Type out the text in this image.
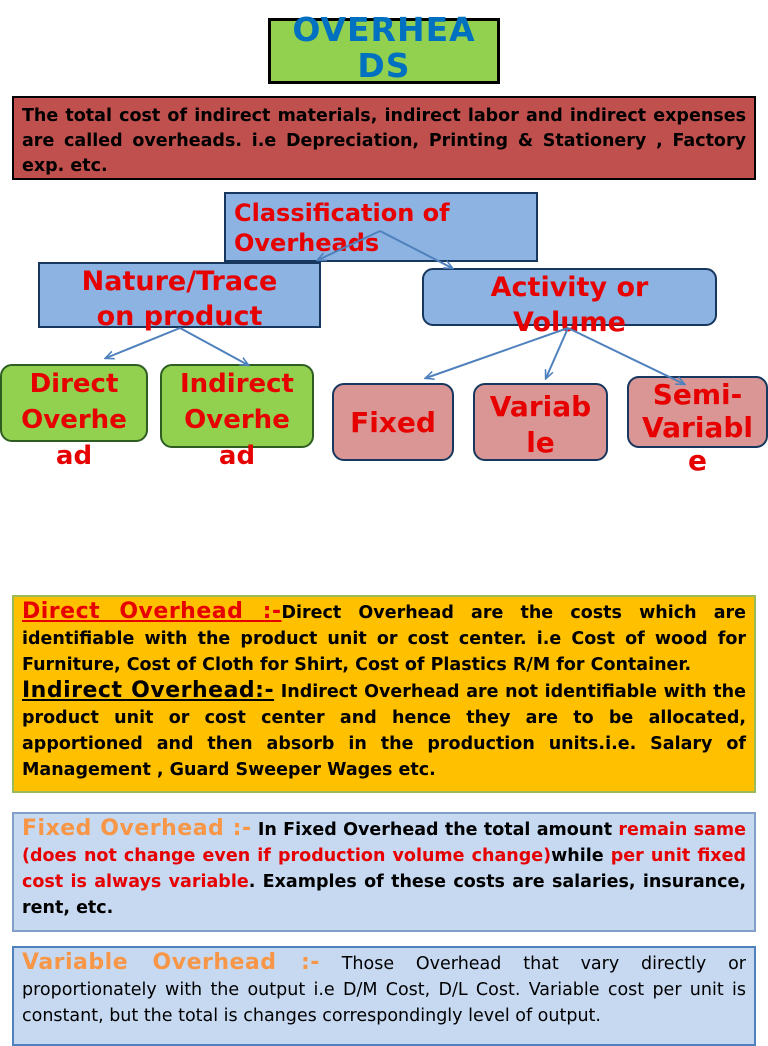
OVERHEA
DS
The total cost of indirect materials, indirect labor and indirect expenses are called overheads. i.e Depreciation, Printing & Stationery , Factory exp. etc.
Classification of
Overheads
Nature/Trace
on product
Activity or
Volume
Direct
Overhe
ad
Indirect
Overhe
ad
Fixed	Variab
le
Semi-
Variabl
e
Direct Overhead :-Direct Overhead are the costs which are identifiable with the product unit or cost center. i.e Cost of wood for Furniture, Cost of Cloth for Shirt, Cost of Plastics R/M for Container.
Indirect Overhead:- Indirect Overhead are not identifiable with the product unit or cost center and hence they are to be allocated, apportioned and then absorb in the production units.i.e. Salary of Management , Guard Sweeper Wages etc.
Fixed Overhead :- In Fixed Overhead the total amount remain same (does not change even if production volume change)while per unit fixed cost is always variable. Examples of these costs are salaries, insurance, rent, etc.
Variable Overhead :- Those Overhead that vary directly or proportionately with the output i.e D/M Cost, D/L Cost. Variable cost per unit is constant, but the total is changes correspondingly level of output.
